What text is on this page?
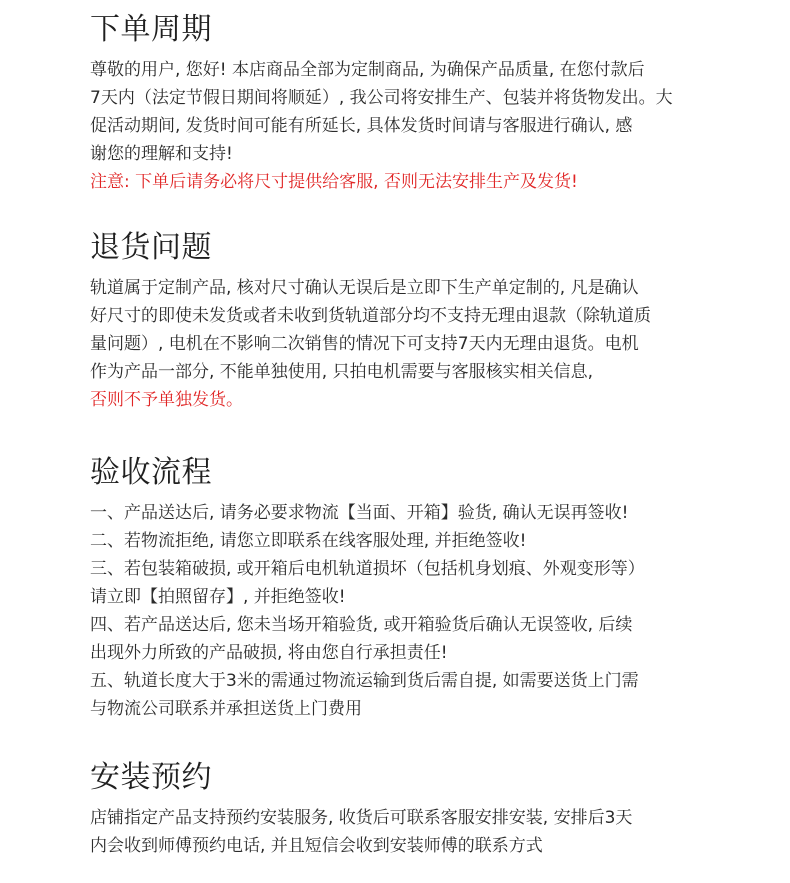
下单周期
尊敬的用户, 您好! 本店商品全部为定制商品, 为确保产品质量, 在您付款后
7天内（法定节假日期间将顺延）, 我公司将安排生产、包装并将货物发出。大
促活动期间, 发货时间可能有所延长, 具体发货时间请与客服进行确认, 感
谢您的理解和支持!
注意: 下单后请务必将尺寸提供给客服, 否则无法安排生产及发货!
退货问题
轨道属于定制产品, 核对尺寸确认无误后是立即下生产单定制的, 凡是确认
好尺寸的即使未发货或者未收到货轨道部分均不支持无理由退款（除轨道质
量问题）, 电机在不影响二次销售的情况下可支持7天内无理由退货。电机
作为产品一部分, 不能单独使用, 只拍电机需要与客服核实相关信息,
否则不予单独发货。
验收流程
一、产品送达后, 请务必要求物流【当面、开箱】验货, 确认无误再签收!
二、若物流拒绝, 请您立即联系在线客服处理, 并拒绝签收!
三、若包装箱破损, 或开箱后电机轨道损坏（包括机身划痕、外观变形等）
请立即【拍照留存】, 并拒绝签收!
四、若产品送达后, 您未当场开箱验货, 或开箱验货后确认无误签收, 后续
出现外力所致的产品破损, 将由您自行承担责任!
五、轨道长度大于3米的需通过物流运输到货后需自提, 如需要送货上门需
与物流公司联系并承担送货上门费用
安装预约
店铺指定产品支持预约安装服务, 收货后可联系客服安排安装, 安排后3天
内会收到师傅预约电话, 并且短信会收到安装师傅的联系方式
